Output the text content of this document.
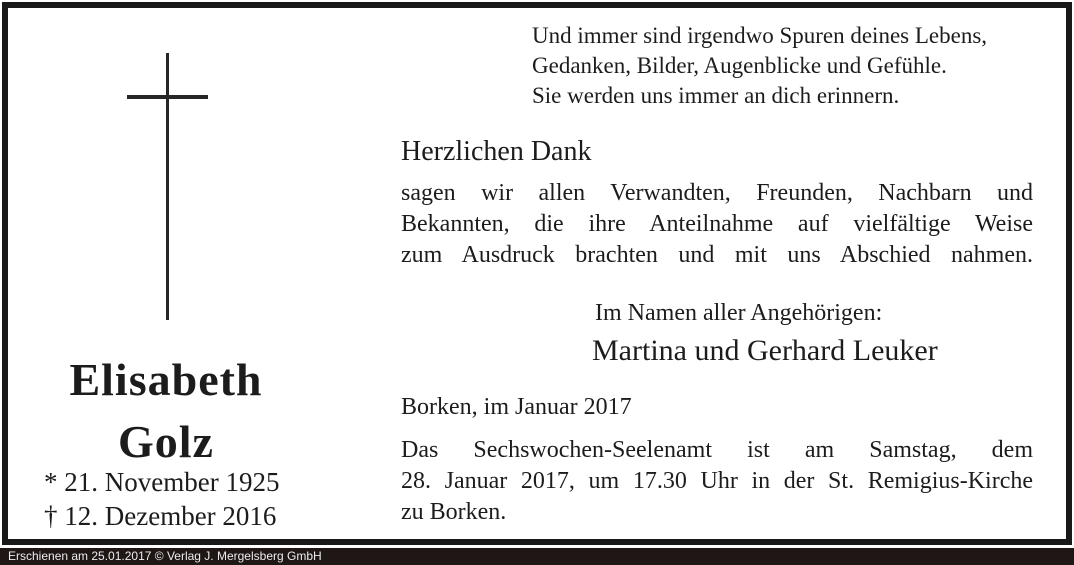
Elisabeth
Golz
* 21. November 1925
† 12. Dezember 2016
Und immer sind irgendwo Spuren deines Lebens,
Gedanken, Bilder, Augenblicke und Gefühle.
Sie werden uns immer an dich erinnern.
Herzlichen Dank
sagen wir allen Verwandten, Freunden, Nachbarn und
Bekannten, die ihre Anteilnahme auf vielfältige Weise
zum Ausdruck brachten und mit uns Abschied nahmen.
Im Namen aller Angehörigen:
Martina und Gerhard Leuker
Borken, im Januar 2017
Das Sechswochen-Seelenamt ist am Samstag, dem
28. Januar 2017, um 17.30 Uhr in der St. Remigius-Kirche
zu Borken.
Erschienen am 25.01.2017 © Verlag J. Mergelsberg GmbH
